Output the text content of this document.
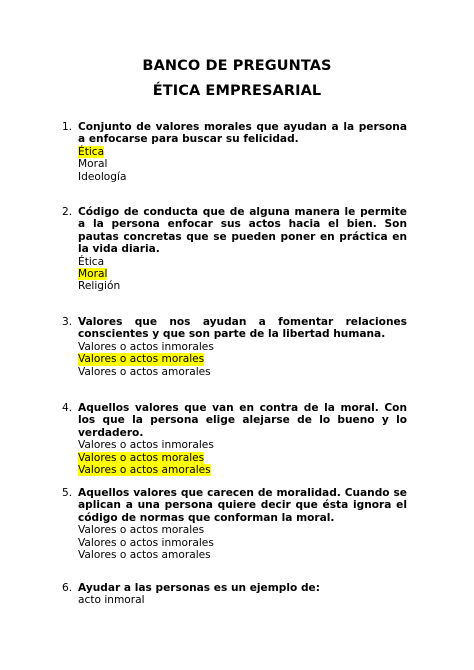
BANCO DE PREGUNTAS
ÉTICA EMPRESARIAL
1. Conjunto de valores morales que ayudan a la persona a enfocarse para buscar su felicidad.
Ética
Moral
Ideología
2. Código de conducta que de alguna manera le permite a la persona enfocar sus actos hacia el bien. Son pautas concretas que se pueden poner en práctica en la vida diaria.
Ética
Moral
Religión
3. Valores que nos ayudan a fomentar relaciones conscientes y que son parte de la libertad humana.
Valores o actos inmorales
Valores o actos morales
Valores o actos amorales
4. Aquellos valores que van en contra de la moral. Con los que la persona elige alejarse de lo bueno y lo verdadero.
Valores o actos inmorales
Valores o actos morales
Valores o actos amorales
5. Aquellos valores que carecen de moralidad. Cuando se aplican a una persona quiere decir que ésta ignora el código de normas que conforman la moral.
Valores o actos morales
Valores o actos inmorales
Valores o actos amorales
6. Ayudar a las personas es un ejemplo de:
acto inmoral
